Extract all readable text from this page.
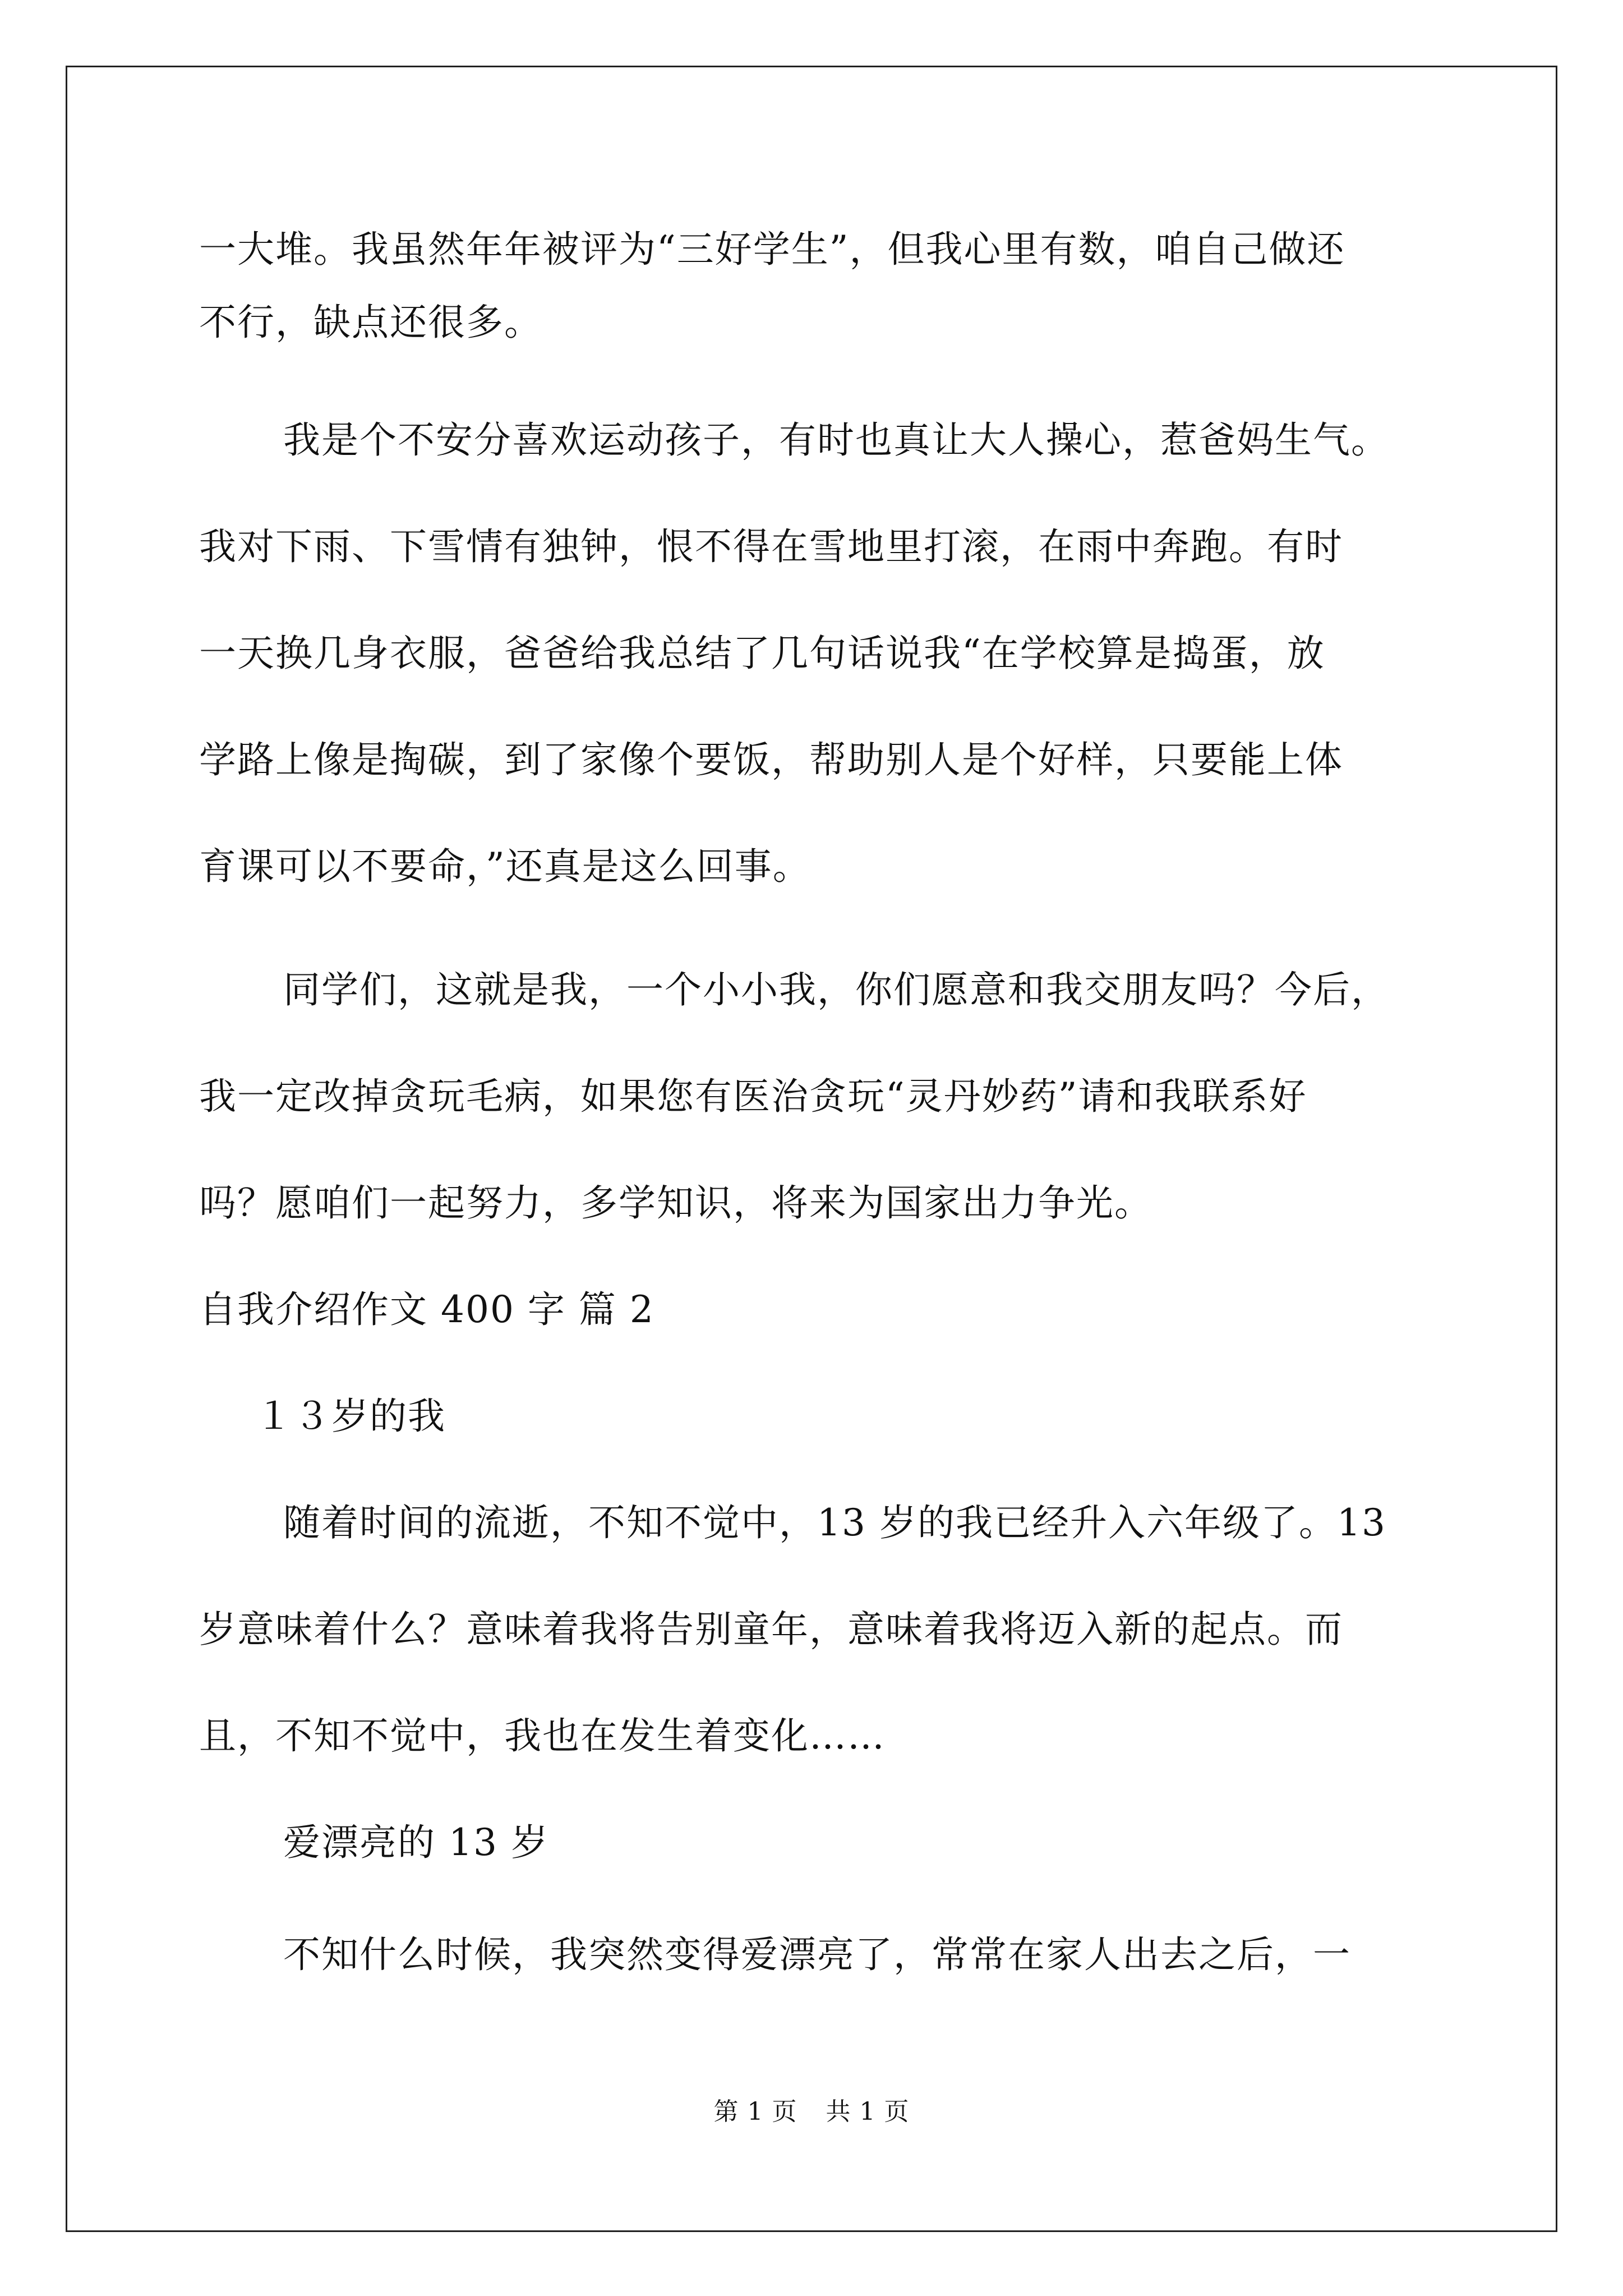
一大堆。我虽然年年被评为“三好学生”，但我心里有数，咱自己做还
不行，缺点还很多。
我是个不安分喜欢运动孩子，有时也真让大人操心，惹爸妈生气。
我对下雨、下雪情有独钟，恨不得在雪地里打滚，在雨中奔跑。有时
一天换几身衣服，爸爸给我总结了几句话说我“在学校算是捣蛋，放
学路上像是掏碳，到了家像个要饭，帮助别人是个好样，只要能上体
育课可以不要命，”还真是这么回事。
同学们，这就是我，一个小小我，你们愿意和我交朋友吗？今后，
我一定改掉贪玩毛病，如果您有医治贪玩“灵丹妙药”请和我联系好
吗？愿咱们一起努力，多学知识，将来为国家出力争光。
自我介绍作文 400 字 篇 2
１３岁的我
随着时间的流逝，不知不觉中，13 岁的我已经升入六年级了。13
岁意味着什么？意味着我将告别童年，意味着我将迈入新的起点。而
且，不知不觉中，我也在发生着变化……
爱漂亮的 13 岁
不知什么时候，我突然变得爱漂亮了，常常在家人出去之后，一
第 1 页 共 1 页
